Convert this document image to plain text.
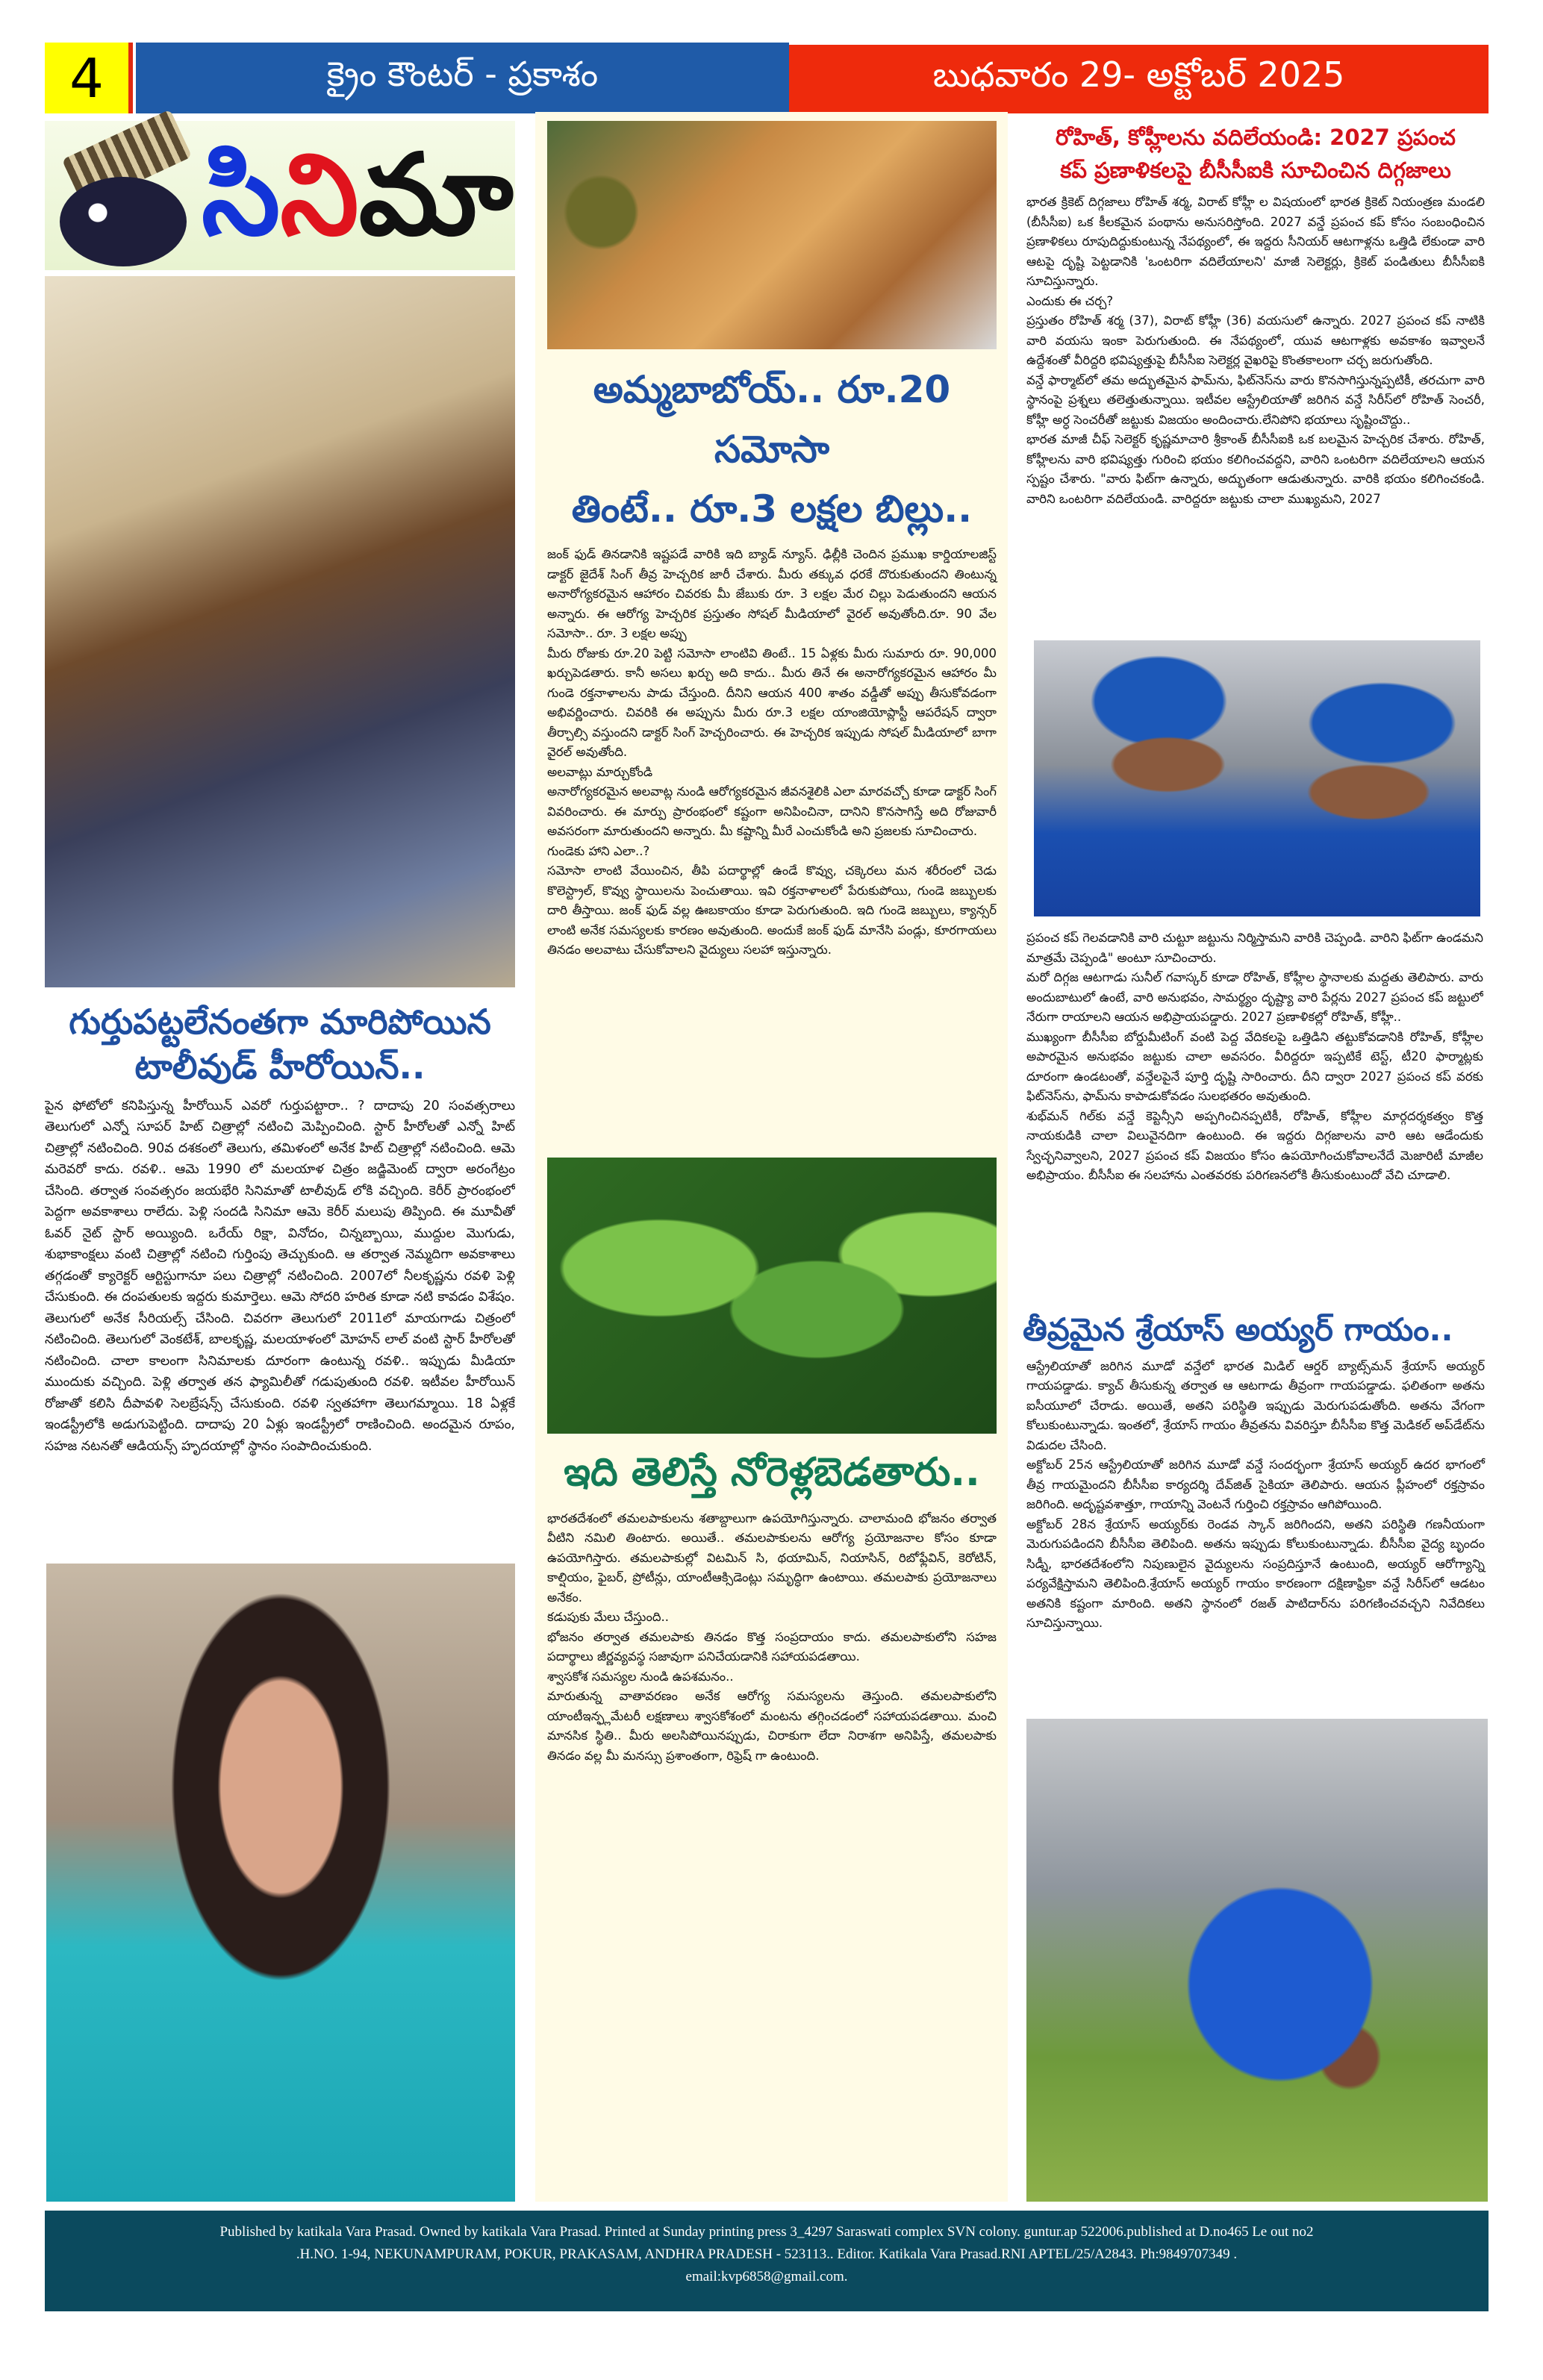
4	క్రైం కౌంటర్ - ప్రకాశం	బుధవారం 29- అక్టోబర్ 2025
సినిమా
గుర్తుపట్టలేనంతగా మారిపోయిన
టాలీవుడ్ హీరోయిన్..

పైన ఫోటోలో కనిపిస్తున్న హీరోయిన్ ఎవరో గుర్తుపట్టారా.. ? దాదాపు 20 సంవత్సరాలు తెలుగులో ఎన్నో సూపర్ హిట్ చిత్రాల్లో నటించి మెప్పించింది. స్టార్ హీరోలతో ఎన్నో హిట్ చిత్రాల్లో నటించింది. 90వ దశకంలో తెలుగు, తమిళంలో అనేక హిట్ చిత్రాల్లో నటించింది. ఆమె మరెవరో కాదు. రవళి.. ఆమె 1990 లో మలయాళ చిత్రం జడ్జిమెంట్ ద్వారా అరంగేట్రం చేసింది. తర్వాత సంవత్సరం జయభేరి సినిమాతో టాలీవుడ్ లోకి వచ్చింది. కెరీర్ ప్రారంభంలో పెద్దగా అవకాశాలు రాలేదు. పెళ్లి సందడి సినిమా ఆమె కెరీర్ మలుపు తిప్పింది. ఈ మూవీతో ఓవర్ నైట్ స్టార్ అయ్యింది. ఒరేయ్ రిక్షా, వినోదం, చిన్నబ్బాయి, ముద్దుల మొగుడు, శుభాకాంక్షలు వంటి చిత్రాల్లో నటించి గుర్తింపు తెచ్చుకుంది. ఆ తర్వాత నెమ్మదిగా అవకాశాలు తగ్గడంతో క్యారెక్టర్ ఆర్టిస్టుగానూ పలు చిత్రాల్లో నటించింది. 2007లో నీలకృష్ణను రవళి పెళ్లి చేసుకుంది. ఈ దంపతులకు ఇద్దరు కుమార్తెలు. ఆమె సోదరి హరిత కూడా నటి కావడం విశేషం. తెలుగులో అనేక సీరియల్స్ చేసింది. చివరగా తెలుగులో 2011లో మాయగాడు చిత్రంలో నటించింది. తెలుగులో వెంకటేశ్, బాలకృష్ణ, మలయాళంలో మోహన్ లాల్ వంటి స్టార్ హీరోలతో నటించింది. చాలా కాలంగా సినిమాలకు దూరంగా ఉంటున్న రవళి.. ఇప్పుడు మీడియా ముందుకు వచ్చింది. పెళ్లి తర్వాత తన ఫ్యామిలీతో గడుపుతుంది రవళి. ఇటీవల హీరోయిన్ రోజాతో కలిసి దీపావళి సెలబ్రేషన్స్ చేసుకుంది. రవళి స్వతహాగా తెలుగమ్మాయి. 18 ఏళ్లకే ఇండస్ట్రీలోకి అడుగుపెట్టింది. దాదాపు 20 ఏళ్లు ఇండస్ట్రీలో రాణించింది. అందమైన రూపం, సహజ నటనతో ఆడియన్స్ హృదయాల్లో స్థానం సంపాదించుకుంది.

అమ్మబాబోయ్.. రూ.20 సమోసా
తింటే.. రూ.3 లక్షల బిల్లు..

జంక్ ఫుడ్ తినడానికి ఇష్టపడే వారికి ఇది బ్యాడ్ న్యూస్. ఢిల్లీకి చెందిన ప్రముఖ కార్డియాలజిస్ట్ డాక్టర్ జైదేశ్ సింగ్ తీవ్ర హెచ్చరిక జారీ చేశారు. మీరు తక్కువ ధరకే దొరుకుతుందని తింటున్న అనారోగ్యకరమైన ఆహారం చివరకు మీ జేబుకు రూ. 3 లక్షల మేర చిల్లు పెడుతుందని ఆయన అన్నారు. ఈ ఆరోగ్య హెచ్చరిక ప్రస్తుతం సోషల్ మీడియాలో వైరల్ అవుతోంది.రూ. 90 వేల సమోసా.. రూ. 3 లక్షల అప్పు

మీరు రోజుకు రూ.20 పెట్టి సమోసా లాంటివి తింటే.. 15 ఏళ్లకు మీరు సుమారు రూ. 90,000 ఖర్చుపెడతారు. కానీ అసలు ఖర్చు అది కాదు.. మీరు తినే ఈ అనారోగ్యకరమైన ఆహారం మీ గుండె రక్తనాళాలను పాడు చేస్తుంది. దీనిని ఆయన 400 శాతం వడ్డీతో అప్పు తీసుకోవడంగా అభివర్ణించారు. చివరికి ఈ అప్పును మీరు రూ.3 లక్షల యాంజియోప్లాస్టీ ఆపరేషన్ ద్వారా తీర్చాల్సి వస్తుందని డాక్టర్ సింగ్ హెచ్చరించారు. ఈ హెచ్చరిక ఇప్పుడు సోషల్ మీడియాలో బాగా వైరల్ అవుతోంది.

అలవాట్లు మార్చుకోండి

అనారోగ్యకరమైన అలవాట్ల నుండి ఆరోగ్యకరమైన జీవనశైలికి ఎలా మారవచ్చో కూడా డాక్టర్ సింగ్ వివరించారు. ఈ మార్పు ప్రారంభంలో కష్టంగా అనిపించినా, దానిని కొనసాగిస్తే అది రోజువారీ అవసరంగా మారుతుందని అన్నారు. మీ కష్టాన్ని మీరే ఎంచుకోండి అని ప్రజలకు సూచించారు.

గుండెకు హాని ఎలా..?

సమోసా లాంటి వేయించిన, తీపి పదార్థాల్లో ఉండే కొవ్వు, చక్కెరలు మన శరీరంలో చెడు కొలెస్ట్రాల్, కొవ్వు స్థాయిలను పెంచుతాయి. ఇవి రక్తనాళాలలో పేరుకుపోయి, గుండె జబ్బులకు దారి తీస్తాయి. జంక్ ఫుడ్ వల్ల ఊబకాయం కూడా పెరుగుతుంది. ఇది గుండె జబ్బులు, క్యాన్సర్ లాంటి అనేక సమస్యలకు కారణం అవుతుంది. అందుకే జంక్ ఫుడ్ మానేసి పండ్లు, కూరగాయలు తినడం అలవాటు చేసుకోవాలని వైద్యులు సలహా ఇస్తున్నారు.

ఇది తెలిస్తే నోరెళ్లబెడతారు..

భారతదేశంలో తమలపాకులను శతాబ్దాలుగా ఉపయోగిస్తున్నారు. చాలామంది భోజనం తర్వాత వీటిని నమిలి తింటారు. అయితే.. తమలపాకులను ఆరోగ్య ప్రయోజనాల కోసం కూడా ఉపయోగిస్తారు. తమలపాకుల్లో విటమిన్ సి, థయామిన్, నియాసిన్, రిబోఫ్లేవిన్, కెరోటిన్, కాల్షియం, ఫైబర్, ప్రోటీన్లు, యాంటీఆక్సిడెంట్లు సమృద్ధిగా ఉంటాయి. తమలపాకు ప్రయోజనాలు అనేకం.

కడుపుకు మేలు చేస్తుంది..

భోజనం తర్వాత తమలపాకు తినడం కొత్త సంప్రదాయం కాదు. తమలపాకులోని సహజ పదార్థాలు జీర్ణవ్యవస్థ సజావుగా పనిచేయడానికి సహాయపడతాయి.

శ్వాసకోశ సమస్యల నుండి ఉపశమనం..

మారుతున్న వాతావరణం అనేక ఆరోగ్య సమస్యలను తెస్తుంది. తమలపాకులోని యాంటీఇన్ఫ్లమేటరీ లక్షణాలు శ్వాసకోశంలో మంటను తగ్గించడంలో సహాయపడతాయి. మంచి మానసిక స్థితి.. మీరు అలసిపోయినప్పుడు, చిరాకుగా లేదా నిరాశగా అనిపిస్తే, తమలపాకు తినడం వల్ల మీ మనస్సు ప్రశాంతంగా, రిఫ్రెష్ గా ఉంటుంది.

రోహిత్, కోహ్లీలను వదిలేయండి: 2027 ప్రపంచ
కప్ ప్రణాళికలపై బీసీసీఐకి సూచించిన దిగ్గజాలు

భారత క్రికెట్ దిగ్గజాలు రోహిత్ శర్మ, విరాట్ కోహ్లీ ల విషయంలో భారత క్రికెట్ నియంత్రణ మండలి (బీసీసీఐ) ఒక కీలకమైన పంథాను అనుసరిస్తోంది. 2027 వన్డే ప్రపంచ కప్ కోసం సంబంధించిన ప్రణాళికలు రూపుదిద్దుకుంటున్న నేపథ్యంలో, ఈ ఇద్దరు సీనియర్ ఆటగాళ్లను ఒత్తిడి లేకుండా వారి ఆటపై దృష్టి పెట్టడానికి 'ఒంటరిగా వదిలేయాలని' మాజీ సెలెక్టర్లు, క్రికెట్ పండితులు బీసీసీఐకి సూచిస్తున్నారు.

ఎందుకు ఈ చర్చ?

ప్రస్తుతం రోహిత్ శర్మ (37), విరాట్ కోహ్లీ (36) వయసులో ఉన్నారు. 2027 ప్రపంచ కప్ నాటికి వారి వయసు ఇంకా పెరుగుతుంది. ఈ నేపథ్యంలో, యువ ఆటగాళ్లకు అవకాశం ఇవ్వాలనే ఉద్దేశంతో వీరిద్దరి భవిష్యత్తుపై బీసీసీఐ సెలెక్టర్ల వైఖరిపై కొంతకాలంగా చర్చ జరుగుతోంది.

వన్డే ఫార్మాట్‌లో తమ అద్భుతమైన ఫామ్‌ను, ఫిట్‌నెస్‌ను వారు కొనసాగిస్తున్నప్పటికీ, తరచుగా వారి స్థానంపై ప్రశ్నలు తలెత్తుతున్నాయి. ఇటీవల ఆస్ట్రేలియాతో జరిగిన వన్డే సిరీస్‌లో రోహిత్ సెంచరీ, కోహ్లీ అర్ధ సెంచరీతో జట్టుకు విజయం అందించారు.లేనిపోని భయాలు సృష్టించొద్దు..

భారత మాజీ చీఫ్ సెలెక్టర్ కృష్ణమాచారి శ్రీకాంత్ బీసీసీఐకి ఒక బలమైన హెచ్చరిక చేశారు. రోహిత్, కోహ్లీలను వారి భవిష్యత్తు గురించి భయం కలిగించవద్దని, వారిని ఒంటరిగా వదిలేయాలని ఆయన స్పష్టం చేశారు. "వారు ఫిట్‌గా ఉన్నారు, అద్భుతంగా ఆడుతున్నారు. వారికి భయం కలిగించకండి. వారిని ఒంటరిగా వదిలేయండి. వారిద్దరూ జట్టుకు చాలా ముఖ్యమని, 2027

ప్రపంచ కప్ గెలవడానికి వారి చుట్టూ జట్టును నిర్మిస్తామని వారికి చెప్పండి. వారిని ఫిట్‌గా ఉండమని మాత్రమే చెప్పండి" అంటూ సూచించారు.

మరో దిగ్గజ ఆటగాడు సునీల్ గవాస్కర్ కూడా రోహిత్, కోహ్లీల స్థానాలకు మద్దతు తెలిపారు. వారు అందుబాటులో ఉంటే, వారి అనుభవం, సామర్థ్యం దృష్ట్యా వారి పేర్లను 2027 ప్రపంచ కప్ జట్టులో నేరుగా రాయాలని ఆయన అభిప్రాయపడ్డారు. 2027 ప్రణాళికల్లో రోహిత్, కోహ్లీ..

ముఖ్యంగా బీసీసీఐ బోర్డుమీటింగ్ వంటి పెద్ద వేదికలపై ఒత్తిడిని తట్టుకోవడానికి రోహిత్, కోహ్లీల అపారమైన అనుభవం జట్టుకు చాలా అవసరం. వీరిద్దరూ ఇప్పటికే టెస్ట్, టీ20 ఫార్మాట్లకు దూరంగా ఉండటంతో, వన్డేలపైనే పూర్తి దృష్టి సారించారు. దీని ద్వారా 2027 ప్రపంచ కప్ వరకు ఫిట్‌నెస్‌ను, ఫామ్‌ను కాపాడుకోవడం సులభతరం అవుతుంది.

శుభ్‌మన్ గిల్‌కు వన్డే కెప్టెన్సీని అప్పగించినప్పటికీ, రోహిత్, కోహ్లీల మార్గదర్శకత్వం కొత్త నాయకుడికి చాలా విలువైనదిగా ఉంటుంది. ఈ ఇద్దరు దిగ్గజాలను వారి ఆట ఆడేందుకు స్వేచ్ఛనివ్వాలని, 2027 ప్రపంచ కప్ విజయం కోసం ఉపయోగించుకోవాలనేదే మెజారిటీ మాజీల అభిప్రాయం. బీసీసీఐ ఈ సలహాను ఎంతవరకు పరిగణనలోకి తీసుకుంటుందో వేచి చూడాలి.

తీవ్రమైన శ్రేయాస్ అయ్యర్ గాయం..

ఆస్ట్రేలియాతో జరిగిన మూడో వన్డేలో భారత మిడిల్ ఆర్డర్ బ్యాట్స్‌మన్ శ్రేయాస్ అయ్యర్ గాయపడ్డాడు. క్యాచ్ తీసుకున్న తర్వాత ఆ ఆటగాడు తీవ్రంగా గాయపడ్డాడు. ఫలితంగా అతను ఐసీయూలో చేరాడు. అయితే, అతని పరిస్థితి ఇప్పుడు మెరుగుపడుతోంది. అతను వేగంగా కోలుకుంటున్నాడు. ఇంతలో, శ్రేయాస్ గాయం తీవ్రతను వివరిస్తూ బీసీసీఐ కొత్త మెడికల్ అప్‌డేట్‌ను విడుదల చేసింది.

అక్టోబర్ 25న ఆస్ట్రేలియాతో జరిగిన మూడో వన్డే సందర్భంగా శ్రేయాస్ అయ్యర్ ఉదర భాగంలో తీవ్ర గాయమైందని బీసీసీఐ కార్యదర్శి దేవ్‌జిత్ సైకియా తెలిపారు. ఆయన ప్లీహంలో రక్తస్రావం జరిగింది. అదృష్టవశాత్తూ, గాయాన్ని వెంటనే గుర్తించి రక్తస్రావం ఆగిపోయింది.

అక్టోబర్ 28న శ్రేయాస్ అయ్యర్‌కు రెండవ స్కాన్ జరిగిందని, అతని పరిస్థితి గణనీయంగా మెరుగుపడిందని బీసీసీఐ తెలిపింది. అతను ఇప్పుడు కోలుకుంటున్నాడు. బీసీసీఐ వైద్య బృందం సిడ్నీ, భారతదేశంలోని నిపుణులైన వైద్యులను సంప్రదిస్తూనే ఉంటుంది, అయ్యర్ ఆరోగ్యాన్ని పర్యవేక్షిస్తామని తెలిపింది.శ్రేయాస్ అయ్యర్ గాయం కారణంగా దక్షిణాఫ్రికా వన్డే సిరీస్‌లో ఆడటం అతనికి కష్టంగా మారింది. అతని స్థానంలో రజత్ పాటిదార్‌ను పరిగణించవచ్చని నివేదికలు సూచిస్తున్నాయి.

Published by katikala Vara Prasad. Owned by katikala Vara Prasad. Printed at Sunday printing press 3_4297 Saraswati complex SVN colony. guntur.ap 522006.published at D.no465 Le out no2
.H.NO. 1-94, NEKUNAMPURAM, POKUR, PRAKASAM, ANDHRA PRADESH - 523113.. Editor. Katikala Vara Prasad.RNI APTEL/25/A2843. Ph:9849707349 .
email:kvp6858@gmail.com.
